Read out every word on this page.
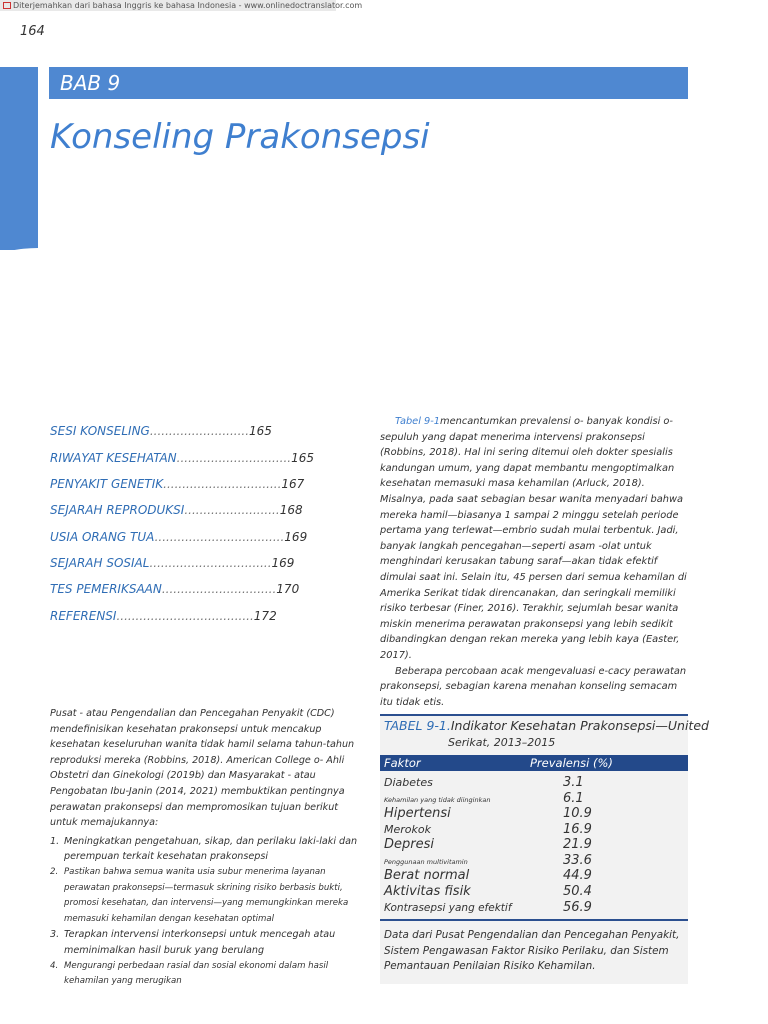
Diterjemahkan dari bahasa Inggris ke bahasa Indonesia - www.onlinedoctranslator.com
164
BAB 9
Konseling Prakonsepsi
SESI KONSELING..........................165
RIWAYAT KESEHATAN..............................165
PENYAKIT GENETIK...............................167
SEJARAH REPRODUKSI.........................168
USIA ORANG TUA..................................169
SEJARAH SOSIAL................................169
TES PEMERIKSAAN..............................170
REFERENSI....................................172

Tabel 9-1mencantumkan prevalensi o- banyak kondisi o-sepuluh yang dapat menerima intervensi prakonsepsi (Robbins, 2018). Hal ini sering ditemui oleh dokter spesialis kandungan umum, yang dapat membantu mengoptimalkan kesehatan memasuki masa kehamilan (Arluck, 2018). Misalnya, pada saat sebagian besar wanita menyadari bahwa mereka hamil—biasanya 1 sampai 2 minggu setelah periode pertama yang terlewat—embrio sudah mulai terbentuk. Jadi, banyak langkah pencegahan—seperti asam -olat untuk menghindari kerusakan tabung saraf—akan tidak efektif dimulai saat ini. Selain itu, 45 persen dari semua kehamilan di Amerika Serikat tidak direncanakan, dan seringkali memiliki risiko terbesar (Finer, 2016). Terakhir, sejumlah besar wanita miskin menerima perawatan prakonsepsi yang lebih sedikit dibandingkan dengan rekan mereka yang lebih kaya (Easter, 2017).

Beberapa percobaan acak mengevaluasi e-cacy perawatan prakonsepsi, sebagian karena menahan konseling semacam itu tidak etis.

Pusat - atau Pengendalian dan Pencegahan Penyakit (CDC) mendefinisikan kesehatan prakonsepsi untuk mencakup kesehatan keseluruhan wanita tidak hamil selama tahun-tahun reproduksi mereka (Robbins, 2018). American College o- Ahli Obstetri dan Ginekologi (2019b) dan Masyarakat - atau Pengobatan Ibu-Janin (2014, 2021) membuktikan pentingnya perawatan prakonsepsi dan mempromosikan tujuan berikut untuk memajukannya:

1. Meningkatkan pengetahuan, sikap, dan perilaku laki-laki dan perempuan terkait kesehatan prakonsepsi
2. Pastikan bahwa semua wanita usia subur menerima layanan perawatan prakonsepsi—termasuk skrining risiko berbasis bukti, promosi kesehatan, dan intervensi—yang memungkinkan mereka memasuki kehamilan dengan kesehatan optimal
3. Terapkan intervensi interkonsepsi untuk mencegah atau meminimalkan hasil buruk yang berulang
4. Mengurangi perbedaan rasial dan sosial ekonomi dalam hasil kehamilan yang merugikan
TABEL 9-1.Indikator Kesehatan Prakonsepsi—United
Serikat, 2013–2015
Faktor	Prevalensi (%)
Diabetes	3.1
Kehamilan yang tidak diinginkan	6.1
Hipertensi	10.9
Merokok	16.9
Depresi	21.9
Penggunaan multivitamin	33.6
Berat normal	44.9
Aktivitas fisik	50.4
Kontrasepsi yang efektif	56.9
Data dari Pusat Pengendalian dan Pencegahan Penyakit, Sistem Pengawasan Faktor Risiko Perilaku, dan Sistem Pemantauan Penilaian Risiko Kehamilan.
